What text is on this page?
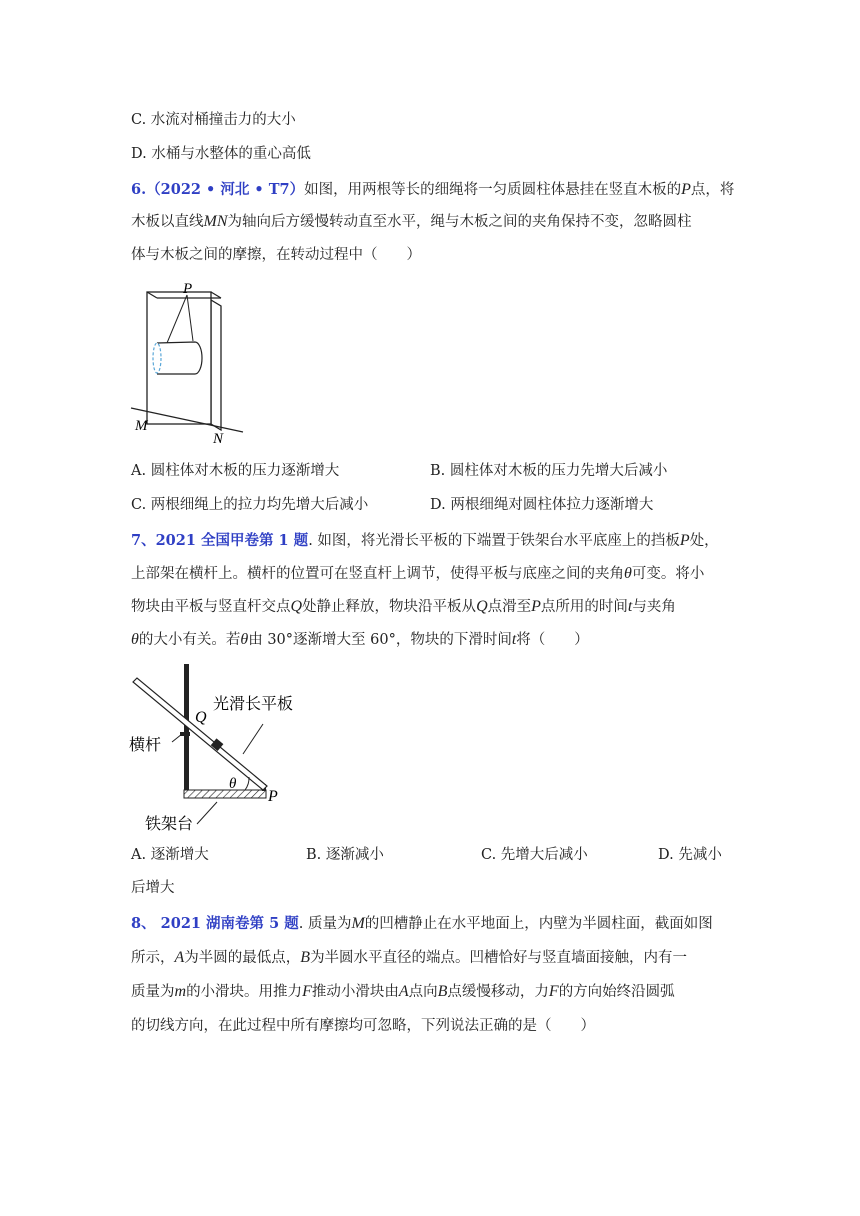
C. 水流对桶撞击力的大小
D. 水桶与水整体的重心高低
6.（2022 • 河北 • T7）如图，用两根等长的细绳将一匀质圆柱体悬挂在竖直木板的P点，将
木板以直线MN为轴向后方缓慢转动直至水平，绳与木板之间的夹角保持不变，忽略圆柱
体与木板之间的摩擦，在转动过程中（　　）
P
M
N
A. 圆柱体对木板的压力逐渐增大	B. 圆柱体对木板的压力先增大后减小
C. 两根细绳上的拉力均先增大后减小	D. 两根细绳对圆柱体拉力逐渐增大
7、2021 全国甲卷第 1 题. 如图，将光滑长平板的下端置于铁架台水平底座上的挡板P处，
上部架在横杆上。横杆的位置可在竖直杆上调节，使得平板与底座之间的夹角θ可变。将小
物块由平板与竖直杆交点Q处静止释放，物块沿平板从Q点滑至P点所用的时间t与夹角
θ的大小有关。若θ由 30°逐渐增大至 60°，物块的下滑时间t将（　　）
光滑长平板
横杆
铁架台
Q
P
θ
A. 逐渐增大	B. 逐渐减小	C. 先增大后减小	D. 先减小
后增大
8、 2021 湖南卷第 5 题. 质量为M的凹槽静止在水平地面上，内壁为半圆柱面，截面如图
所示，A为半圆的最低点，B为半圆水平直径的端点。凹槽恰好与竖直墙面接触，内有一
质量为m的小滑块。用推力F推动小滑块由A点向B点缓慢移动，力F的方向始终沿圆弧
的切线方向，在此过程中所有摩擦均可忽略，下列说法正确的是（　　）
